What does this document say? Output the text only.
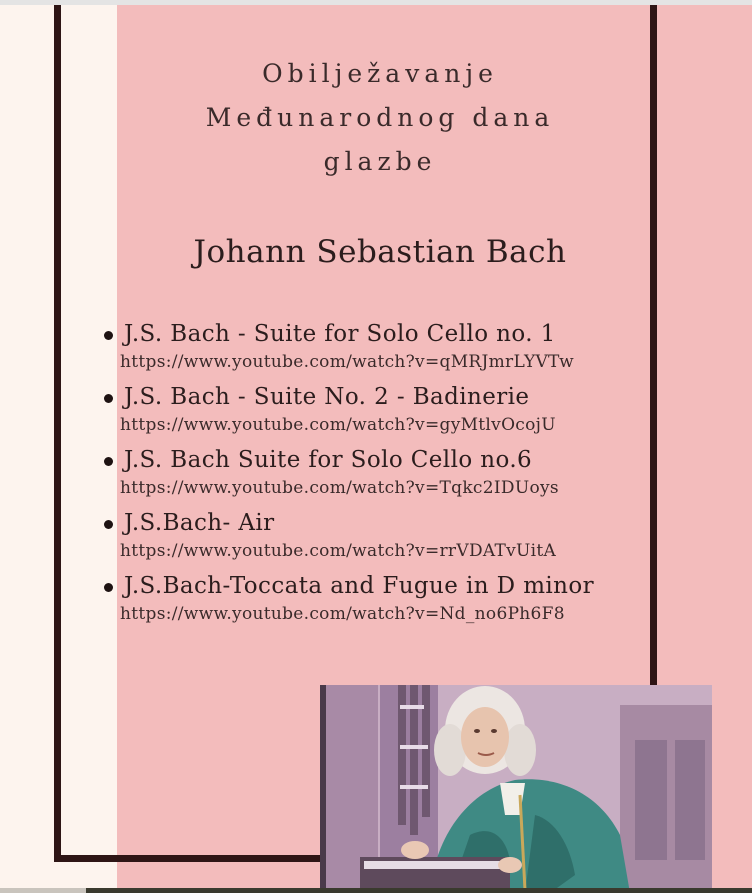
Obilježavanje Međunarodnog dana glazbe
Johann Sebastian Bach
J.S. Bach - Suite for Solo Cello no. 1
https://www.youtube.com/watch?v=qMRJmrLYVTw
J.S. Bach - Suite No. 2 - Badinerie
https://www.youtube.com/watch?v=gyMtlvOcojU
J.S. Bach Suite for Solo Cello no.6
https://www.youtube.com/watch?v=Tqkc2IDUoys
J.S.Bach- Air
https://www.youtube.com/watch?v=rrVDATvUitA
J.S.Bach-Toccata and Fugue in D minor
https://www.youtube.com/watch?v=Nd_no6Ph6F8
